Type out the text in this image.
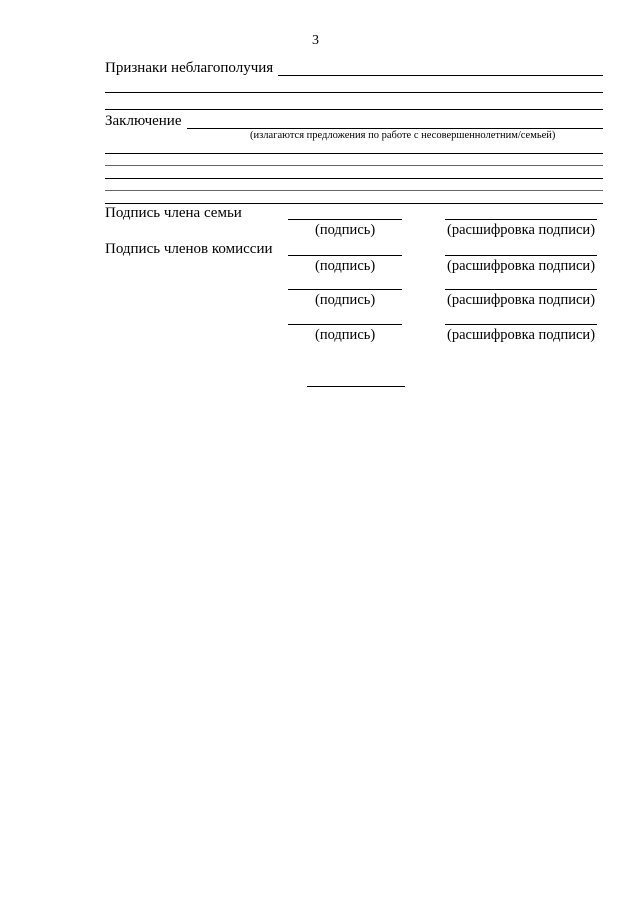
3
Признаки неблагополучия
Заключение
(излагаются предложения по работе с несовершеннолетним/семьей)
Подпись члена семьи
(подпись)	(расшифровка подписи)
Подпись членов комиссии
(подпись)	(расшифровка подписи)
(подпись)	(расшифровка подписи)
(подпись)	(расшифровка подписи)
